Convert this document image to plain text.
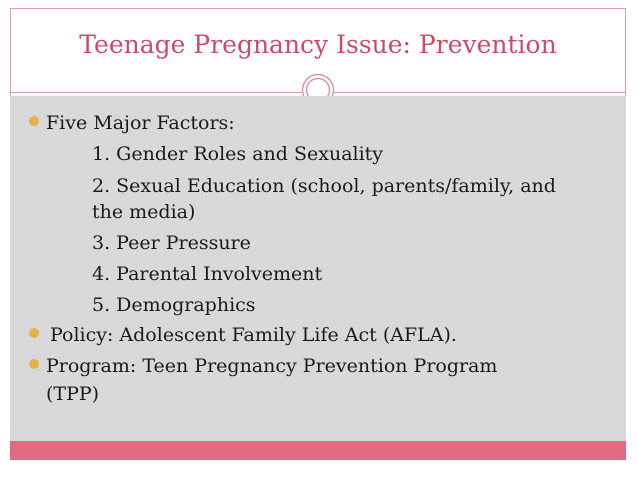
Teenage Pregnancy Issue: Prevention
Five Major Factors:
1. Gender Roles and Sexuality
2. Sexual Education (school, parents/family, and
the media)
3. Peer Pressure
4. Parental Involvement
5. Demographics
Policy: Adolescent Family Life Act (AFLA).
Program: Teen Pregnancy Prevention Program
(TPP)
